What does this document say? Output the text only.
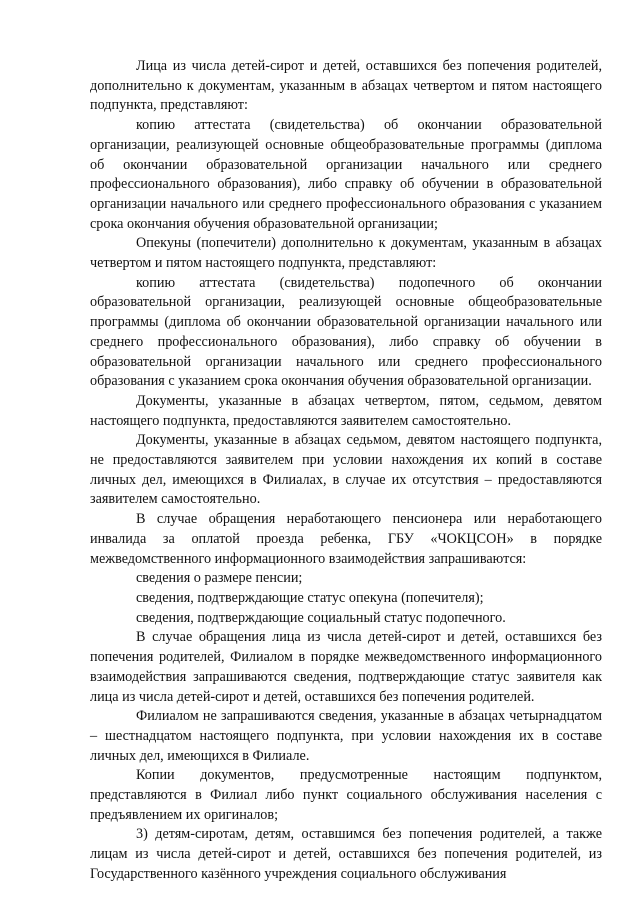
Лица из числа детей-сирот и детей, оставшихся без попечения родителей, дополнительно к документам, указанным в абзацах четвертом и пятом настоящего подпункта, представляют:

копию аттестата (свидетельства) об окончании образовательной организации, реализующей основные общеобразовательные программы (диплома об окончании образовательной организации начального или среднего профессионального образования), либо справку об обучении в образовательной организации начального или среднего профессионального образования с указанием срока окончания обучения образовательной организации;

Опекуны (попечители) дополнительно к документам, указанным в абзацах четвертом и пятом настоящего подпункта, представляют:

копию аттестата (свидетельства) подопечного об окончании образовательной организации, реализующей основные общеобразовательные программы (диплома об окончании образовательной организации начального или среднего профессионального образования), либо справку об обучении в образовательной организации начального или среднего профессионального образования с указанием срока окончания обучения образовательной организации.

Документы, указанные в абзацах четвертом, пятом, седьмом, девятом настоящего подпункта, предоставляются заявителем самостоятельно.

Документы, указанные в абзацах седьмом, девятом настоящего подпункта, не предоставляются заявителем при условии нахождения их копий в составе личных дел, имеющихся в Филиалах, в случае их отсутствия – предоставляются заявителем самостоятельно.

В случае обращения неработающего пенсионера или неработающего инвалида за оплатой проезда ребенка, ГБУ «ЧОКЦСОН» в порядке межведомственного информационного взаимодействия запрашиваются:

сведения о размере пенсии;

сведения, подтверждающие статус опекуна (попечителя);

сведения, подтверждающие социальный статус подопечного.

В случае обращения лица из числа детей-сирот и детей, оставшихся без попечения родителей, Филиалом в порядке межведомственного информационного взаимодействия запрашиваются сведения, подтверждающие статус заявителя как лица из числа детей-сирот и детей, оставшихся без попечения родителей.

Филиалом не запрашиваются сведения, указанные в абзацах четырнадцатом – шестнадцатом настоящего подпункта, при условии нахождения их в составе личных дел, имеющихся в Филиале.

Копии документов, предусмотренные настоящим подпунктом, представляются в Филиал либо пункт социального обслуживания населения с предъявлением их оригиналов;

3) детям-сиротам, детям, оставшимся без попечения родителей, а также лицам из числа детей-сирот и детей, оставшихся без попечения родителей, из Государственного казённого учреждения социального обслуживания
